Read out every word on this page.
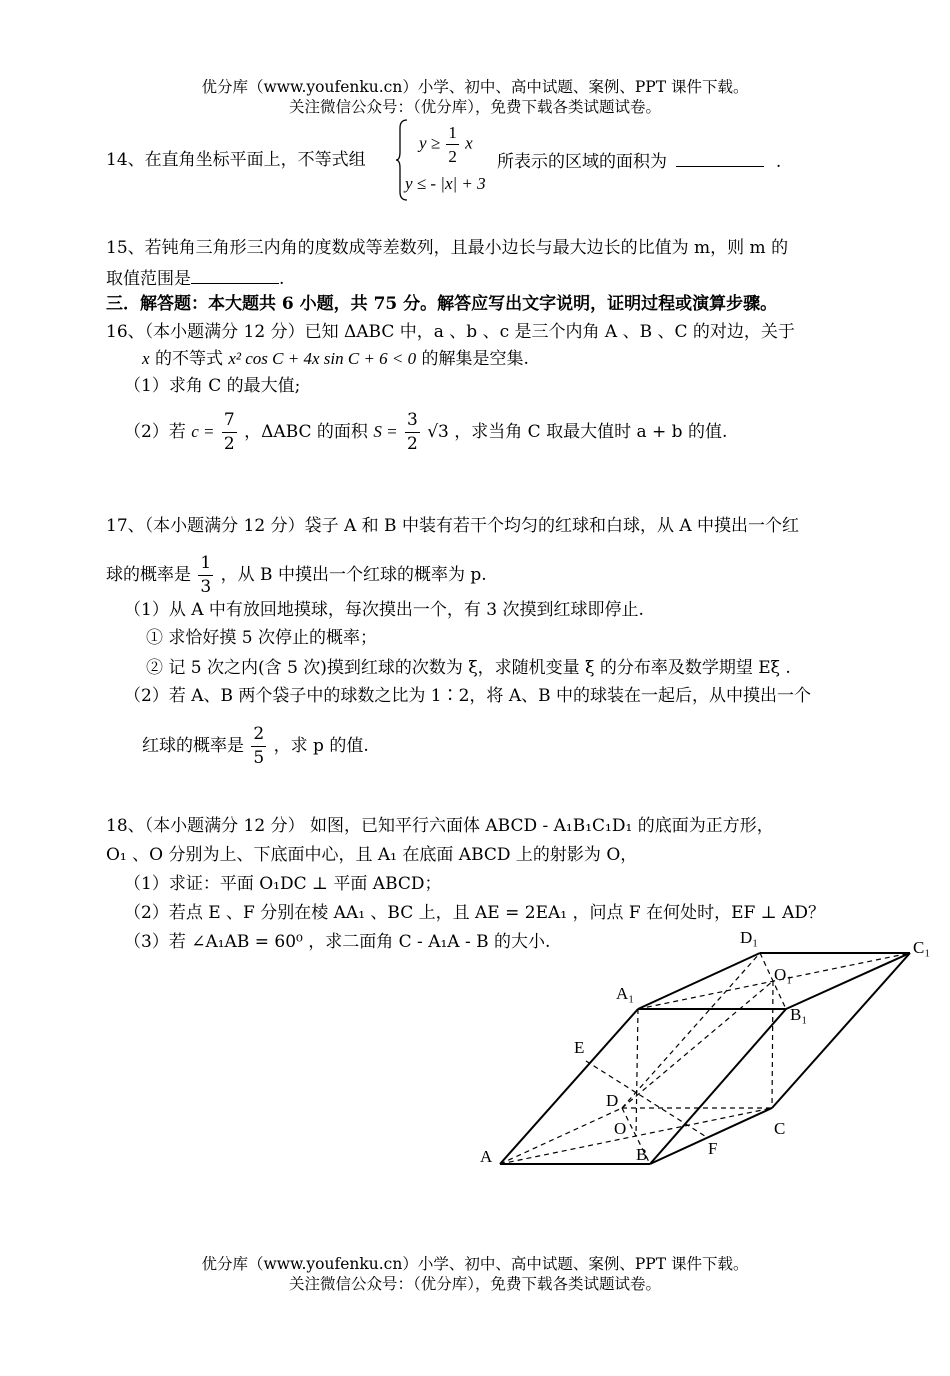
优分库（www.youfenku.cn）小学、初中、高中试题、案例、PPT 课件下载。
关注微信公众号：（优分库），免费下载各类试题试卷。
14、在直角坐标平面上，不等式组
$y \ge \frac{1}{2}$ x
y ≤ - |x| + 3
所表示的区域的面积为	.
15、若钝角三角形三内角的度数成等差数列，且最小边长与最大边长的比值为 m，则 m 的
取值范围是	.
三．解答题：本大题共 6 小题，共 75 分。解答应写出文字说明，证明过程或演算步骤。
16、（本小题满分 12 分）已知 ΔABC 中，a 、b 、c 是三个内角 A 、B 、C 的对边，关于
x 的不等式 x² cos C + 4x sin C + 6 < 0 的解集是空集.
（1）求角 C 的最大值;
（2）若 $c = \frac{7}{2}$ ，ΔABC 的面积 $S = \frac{3}{2} √3$ ，求当角 C 取最大值时 a + b 的值.
17、（本小题满分 12 分）袋子 A 和 B 中装有若干个均匀的红球和白球，从 A 中摸出一个红
球的概率是 $\frac{1}{3}$ ，从 B 中摸出一个红球的概率为 p.
（1）从 A 中有放回地摸球，每次摸出一个，有 3 次摸到红球即停止.
① 求恰好摸 5 次停止的概率；
② 记 5 次之内(含 5 次)摸到红球的次数为 ξ，求随机变量 ξ 的分布率及数学期望 Eξ .
（2）若 A、B 两个袋子中的球数之比为 1∶2，将 A、B 中的球装在一起后，从中摸出一个
红球的概率是 $\frac{2}{5}$ ，求 p 的值.
18、（本小题满分 12 分） 如图，已知平行六面体 ABCD - A₁B₁C₁D₁ 的底面为正方形，
O₁ 、O 分别为上、下底面中心，且 A₁ 在底面 ABCD 上的射影为 O，
（1）求证：平面 O₁DC ⊥ 平面 ABCD；
（2）若点 E 、F 分别在棱 AA₁ 、BC 上，且 AE = 2EA₁ ，问点 F 在何处时，EF ⊥ AD？
（3）若 ∠A₁AB = 60⁰ ，求二面角 C - A₁A - B 的大小.
A	B
C
D
E
F
O
A₁
B₁
C₁
D₁
O₁
优分库（www.youfenku.cn）小学、初中、高中试题、案例、PPT 课件下载。
关注微信公众号：（优分库），免费下载各类试题试卷。
